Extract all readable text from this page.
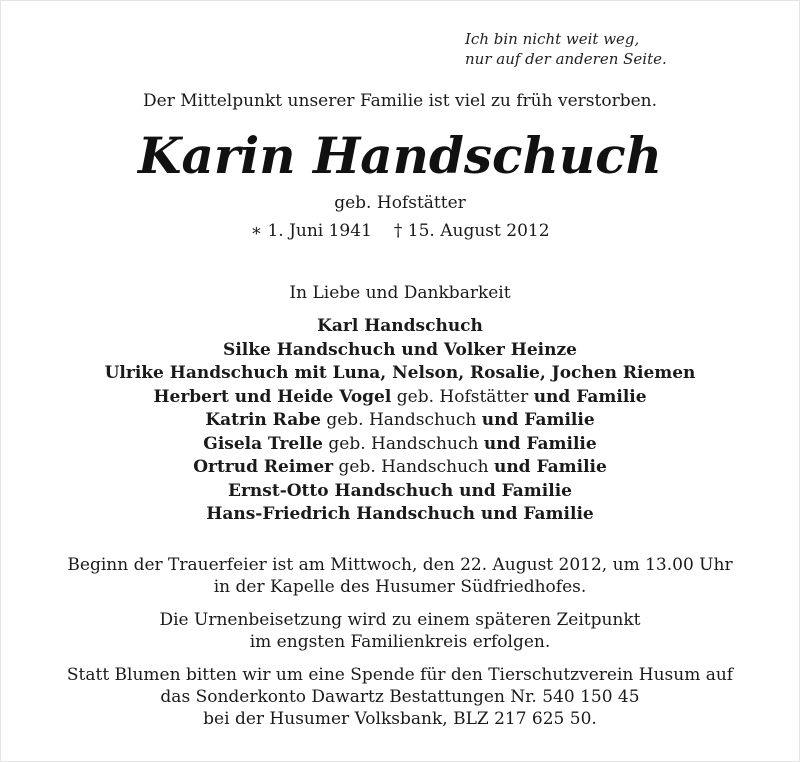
Ich bin nicht weit weg,
nur auf der anderen Seite.
Der Mittelpunkt unserer Familie ist viel zu früh verstorben.
Karin Handschuch
geb. Hofstätter
∗ 1. Juni 1941 † 15. August 2012
In Liebe und Dankbarkeit
Karl Handschuch
Silke Handschuch und Volker Heinze
Ulrike Handschuch mit Luna, Nelson, Rosalie, Jochen Riemen
Herbert und Heide Vogel geb. Hofstätter und Familie
Katrin Rabe geb. Handschuch und Familie
Gisela Trelle geb. Handschuch und Familie
Ortrud Reimer geb. Handschuch und Familie
Ernst-Otto Handschuch und Familie
Hans-Friedrich Handschuch und Familie
Beginn der Trauerfeier ist am Mittwoch, den 22. August 2012, um 13.00 Uhr
in der Kapelle des Husumer Südfriedhofes.
Die Urnenbeisetzung wird zu einem späteren Zeitpunkt
im engsten Familienkreis erfolgen.
Statt Blumen bitten wir um eine Spende für den Tierschutzverein Husum auf
das Sonderkonto Dawartz Bestattungen Nr. 540 150 45
bei der Husumer Volksbank, BLZ 217 625 50.
